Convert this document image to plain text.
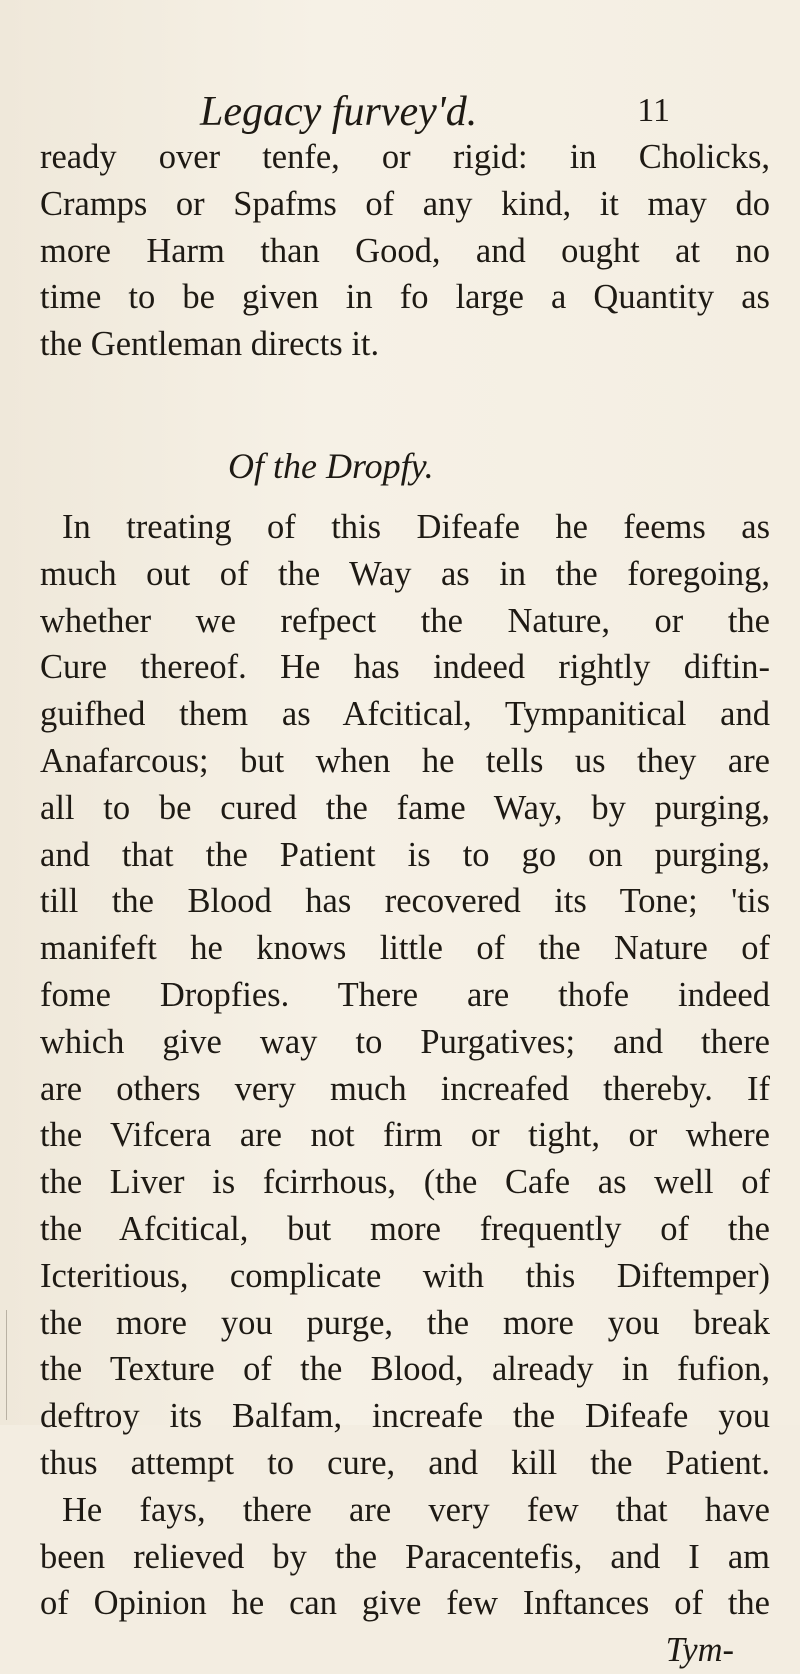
Legacy furvey'd.	11
ready over tenfe, or rigid: in Cholicks,
Cramps or Spafms of any kind, it may do
more Harm than Good, and ought at no
time to be given in fo large a Quantity as
the Gentleman directs it.
Of the Dropfy.
In treating of this Difeafe he feems as
much out of the Way as in the foregoing,
whether we refpect the Nature, or the
Cure thereof. He has indeed rightly diftin-
guifhed them as Afcitical, Tympanitical and
Anafarcous; but when he tells us they are
all to be cured the fame Way, by purging,
and that the Patient is to go on purging,
till the Blood has recovered its Tone; 'tis
manifeft he knows little of the Nature of
fome Dropfies. There are thofe indeed
which give way to Purgatives; and there
are others very much increafed thereby. If
the Vifcera are not firm or tight, or where
the Liver is fcirrhous, (the Cafe as well of
the Afcitical, but more frequently of the
Icteritious, complicate with this Diftemper)
the more you purge, the more you break
the Texture of the Blood, already in fufion,
deftroy its Balfam, increafe the Difeafe you
thus attempt to cure, and kill the Patient.
He fays, there are very few that have
been relieved by the Paracentefis, and I am
of Opinion he can give few Inftances of the
Tym-
